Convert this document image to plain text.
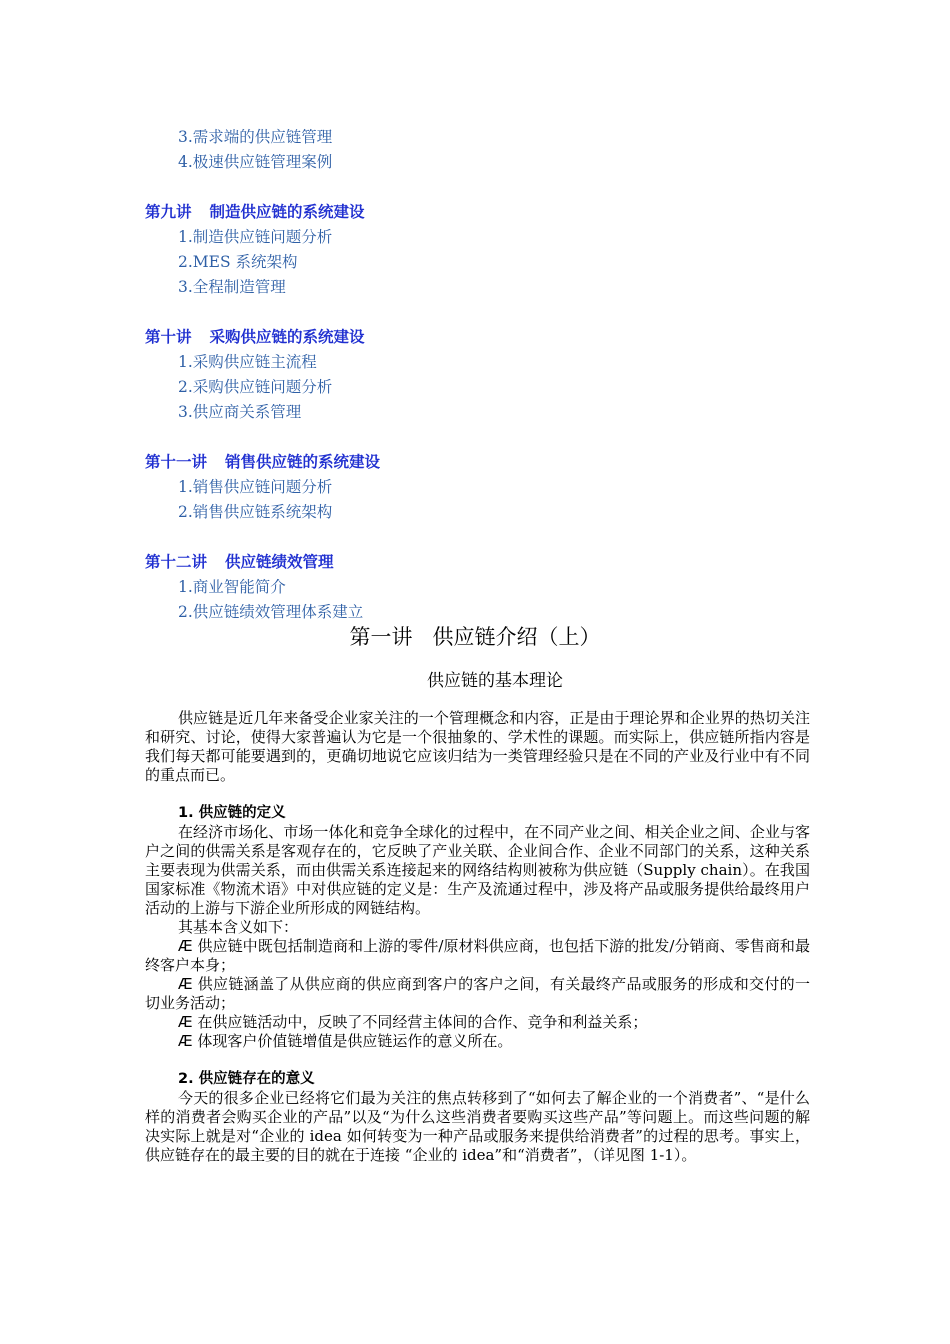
3.需求端的供应链管理
4.极速供应链管理案例
第九讲 制造供应链的系统建设
1.制造供应链问题分析
2.MES 系统架构
3.全程制造管理
第十讲 采购供应链的系统建设
1.采购供应链主流程
2.采购供应链问题分析
3.供应商关系管理
第十一讲 销售供应链的系统建设
1.销售供应链问题分析
2.销售供应链系统架构
第十二讲 供应链绩效管理
1.商业智能简介
2.供应链绩效管理体系建立
第一讲 供应链介绍（上）
供应链的基本理论

供应链是近几年来备受企业家关注的一个管理概念和内容，正是由于理论界和企业界的热切关注和研究、讨论，使得大家普遍认为它是一个很抽象的、学术性的课题。而实际上，供应链所指内容是我们每天都可能要遇到的，更确切地说它应该归结为一类管理经验只是在不同的产业及行业中有不同的重点而已。

1. 供应链的定义

在经济市场化、市场一体化和竞争全球化的过程中，在不同产业之间、相关企业之间、企业与客户之间的供需关系是客观存在的，它反映了产业关联、企业间合作、企业不同部门的关系，这种关系主要表现为供需关系，而由供需关系连接起来的网络结构则被称为供应链（Supply chain）。在我国国家标准《物流术语》中对供应链的定义是：生产及流通过程中，涉及将产品或服务提供给最终用户活动的上游与下游企业所形成的网链结构。

其基本含义如下：

Æ 供应链中既包括制造商和上游的零件/原材料供应商，也包括下游的批发/分销商、零售商和最终客户本身；

Æ 供应链涵盖了从供应商的供应商到客户的客户之间，有关最终产品或服务的形成和交付的一切业务活动；

Æ 在供应链活动中，反映了不同经营主体间的合作、竞争和利益关系；

Æ 体现客户价值链增值是供应链运作的意义所在。

2. 供应链存在的意义

今天的很多企业已经将它们最为关注的焦点转移到了“如何去了解企业的一个消费者”、“是什么样的消费者会购买企业的产品”以及“为什么这些消费者要购买这些产品”等问题上。而这些问题的解决实际上就是对“企业的 idea 如何转变为一种产品或服务来提供给消费者”的过程的思考。事实上，供应链存在的最主要的目的就在于连接 “企业的 idea”和“消费者”，（详见图 1-1）。
